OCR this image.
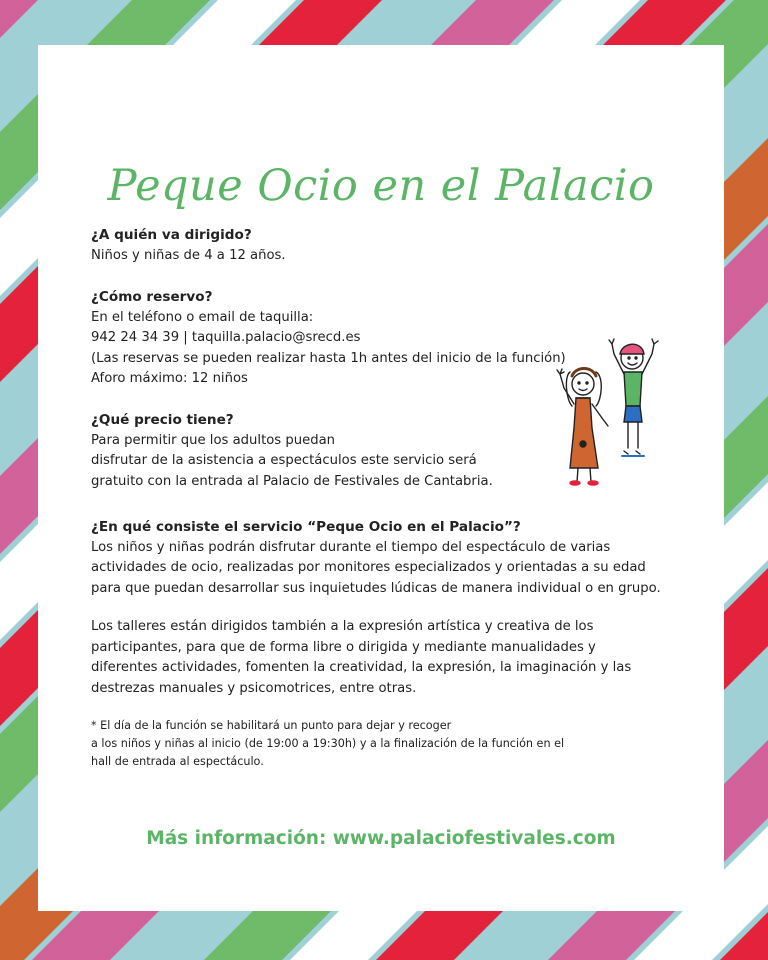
Peque Ocio en el Palacio
¿A quién va dirigido?
Niños y niñas de 4 a 12 años.
¿Cómo reservo?
En el teléfono o email de taquilla:
942 24 34 39 | taquilla.palacio@srecd.es
(Las reservas se pueden realizar hasta 1h antes del inicio de la función)
Aforo máximo: 12 niños
¿Qué precio tiene?
Para permitir que los adultos puedan
disfrutar de la asistencia a espectáculos este servicio será
gratuito con la entrada al Palacio de Festivales de Cantabria.
¿En qué consiste el servicio “Peque Ocio en el Palacio”?
Los niños y niñas podrán disfrutar durante el tiempo del espectáculo de varias
actividades de ocio, realizadas por monitores especializados y orientadas a su edad
para que puedan desarrollar sus inquietudes lúdicas de manera individual o en grupo.
Los talleres están dirigidos también a la expresión artística y creativa de los
participantes, para que de forma libre o dirigida y mediante manualidades y
diferentes actividades, fomenten la creatividad, la expresión, la imaginación y las
destrezas manuales y psicomotrices, entre otras.
* El día de la función se habilitará un punto para dejar y recoger
a los niños y niñas al inicio (de 19:00 a 19:30h) y a la finalización de la función en el
hall de entrada al espectáculo.
Más información: www.palaciofestivales.com
